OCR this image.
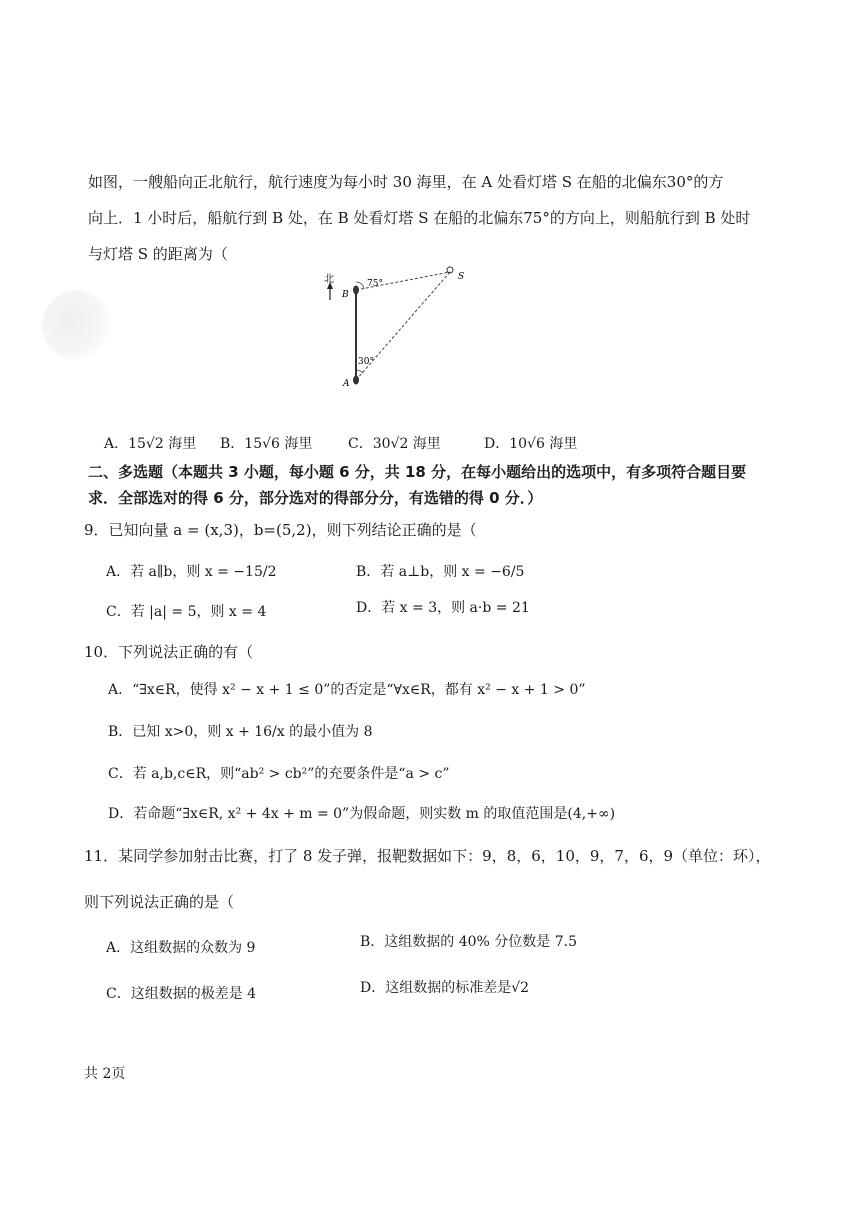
如图，一艘船向正北航行，航行速度为每小时 30 海里，在 A 处看灯塔 S 在船的北偏东30°的方
向上．1 小时后，船航行到 B 处，在 B 处看灯塔 S 在船的北偏东75°的方向上，则船航行到 B 处时
与灯塔 S 的距离为（
北	75°
30°
B
A
S
A．15√2 海里 B．15√6 海里	C．30√2 海里	D．10√6 海里
二、多选题（本题共 3 小题，每小题 6 分，共 18 分，在每小题给出的选项中，有多项符合题目要
求．全部选对的得 6 分，部分选对的得部分分，有选错的得 0 分．）
9．已知向量 a = (x,3)，b=(5,2)，则下列结论正确的是（
A．若 a∥b，则 x = −15/2	B．若 a⊥b，则 x = −6/5
C．若 |a| = 5，则 x = 4	D．若 x = 3，则 a·b = 21
10．下列说法正确的有（
A．“∃x∈R，使得 x² − x + 1 ≤ 0”的否定是“∀x∈R，都有 x² − x + 1 > 0”
B．已知 x>0，则 x + 16/x 的最小值为 8
C．若 a,b,c∈R，则“ab² > cb²”的充要条件是“a > c”
D．若命题“∃x∈R, x² + 4x + m = 0”为假命题，则实数 m 的取值范围是(4,+∞)
11．某同学参加射击比赛，打了 8 发子弹，报靶数据如下：9，8，6，10，9，7，6，9（单位：环），
则下列说法正确的是（
A．这组数据的众数为 9	B．这组数据的 40% 分位数是 7.5
C．这组数据的极差是 4	D．这组数据的标准差是√2
共 2页
